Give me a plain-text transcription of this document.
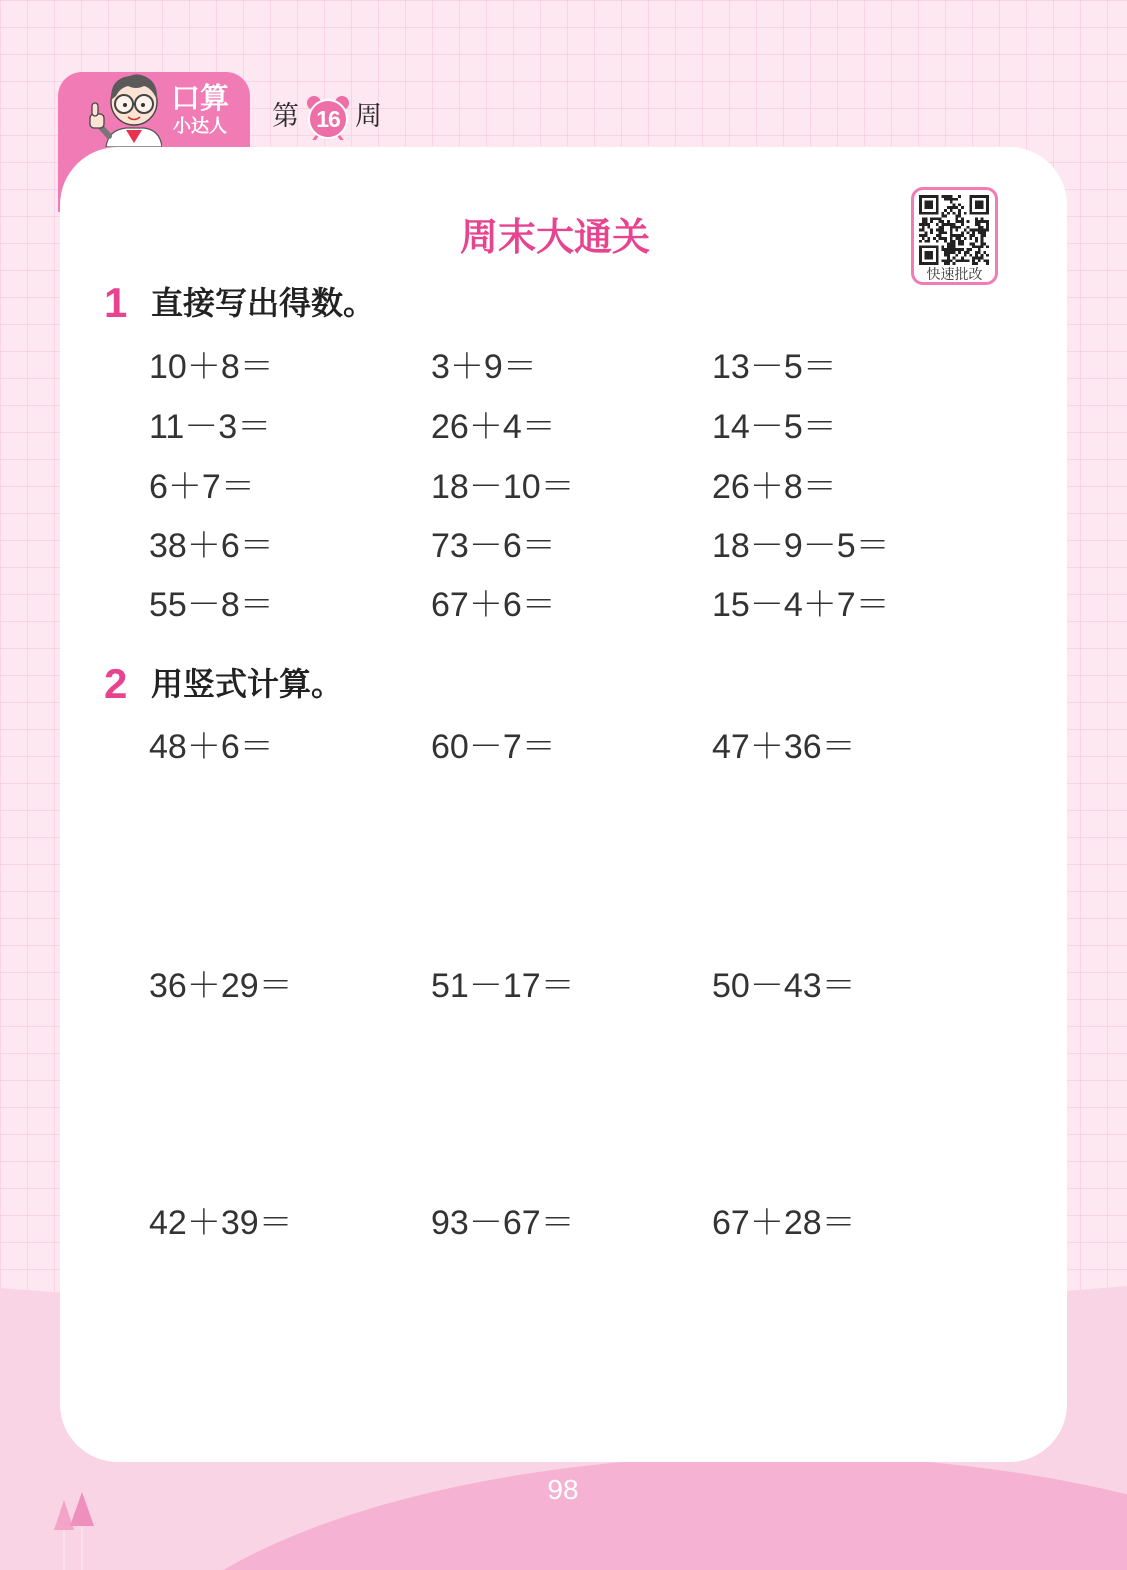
口算
小达人 第 16 周
周末大通关
快速批改
1 直接写出得数。
10＋8＝	3＋9＝	13－5＝
11－3＝	26＋4＝	14－5＝
6＋7＝	18－10＝	26＋8＝
38＋6＝	73－6＝	18－9－5＝
55－8＝	67＋6＝	15－4＋7＝
2 用竖式计算。
48＋6＝	60－7＝	47＋36＝
36＋29＝	51－17＝	50－43＝
42＋39＝	93－67＝	67＋28＝
98
